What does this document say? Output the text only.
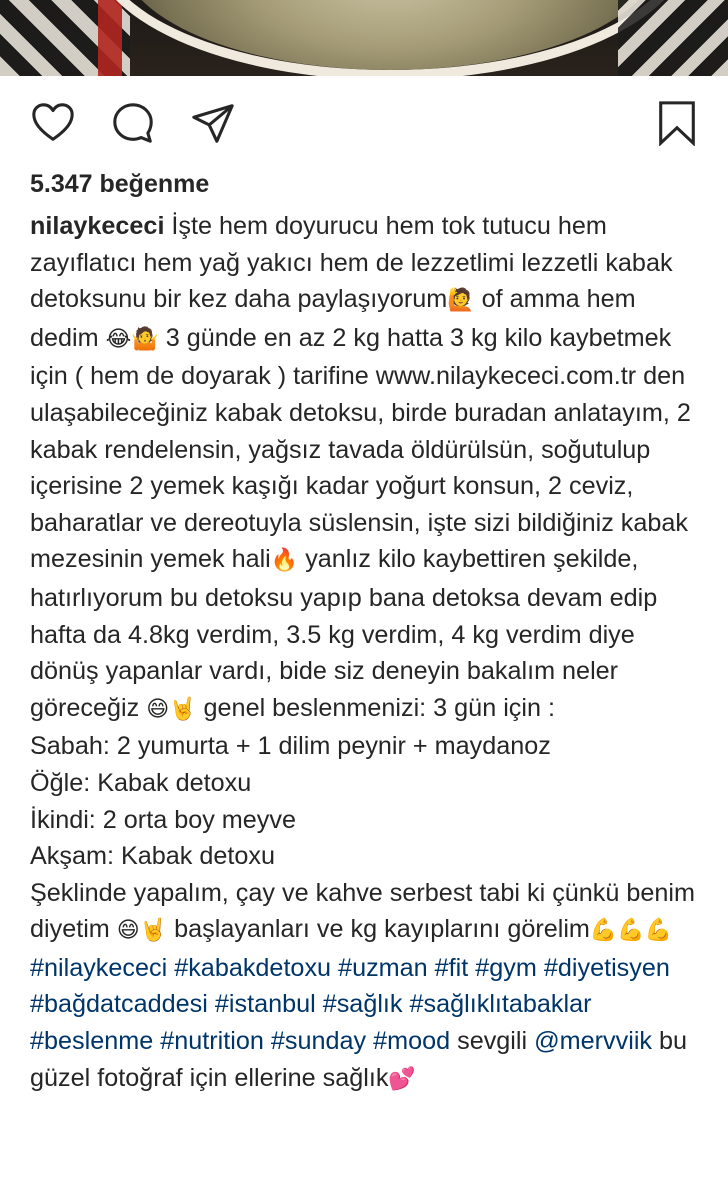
5.347 beğenme
nilaykececi İşte hem doyurucu hem tok tutucu hem zayıflatıcı hem yağ yakıcı hem de lezzetlimi lezzetli kabak detoksunu bir kez daha paylaşıyorum🙋 of amma hem dedim 😂🤷 3 günde en az 2 kg hatta 3 kg kilo kaybetmek için ( hem de doyarak ) tarifine www.nilaykececi.com.tr den ulaşabileceğiniz kabak detoksu, birde buradan anlatayım, 2 kabak rendelensin, yağsız tavada öldürülsün, soğutulup içerisine 2 yemek kaşığı kadar yoğurt konsun, 2 ceviz, baharatlar ve dereotuyla süslensin, işte sizi bildiğiniz kabak mezesinin yemek hali🔥 yanlız kilo kaybettiren şekilde, hatırlıyorum bu detoksu yapıp bana detoksa devam edip hafta da 4.8kg verdim, 3.5 kg verdim, 4 kg verdim diye dönüş yapanlar vardı, bide siz deneyin bakalım neler göreceğiz 😄🤘 genel beslenmenizi: 3 gün için :
Sabah: 2 yumurta + 1 dilim peynir + maydanoz
Öğle: Kabak detoxu
İkindi: 2 orta boy meyve
Akşam: Kabak detoxu
Şeklinde yapalım, çay ve kahve serbest tabi ki çünkü benim diyetim 😄🤘 başlayanları ve kg kayıplarını görelim💪💪💪 #nilaykececi #kabakdetoxu #uzman #fit #gym #diyetisyen #bağdatcaddesi #istanbul #sağlık #sağlıklıtabaklar #beslenme #nutrition #sunday #mood sevgili @mervviik bu güzel fotoğraf için ellerine sağlık💕
